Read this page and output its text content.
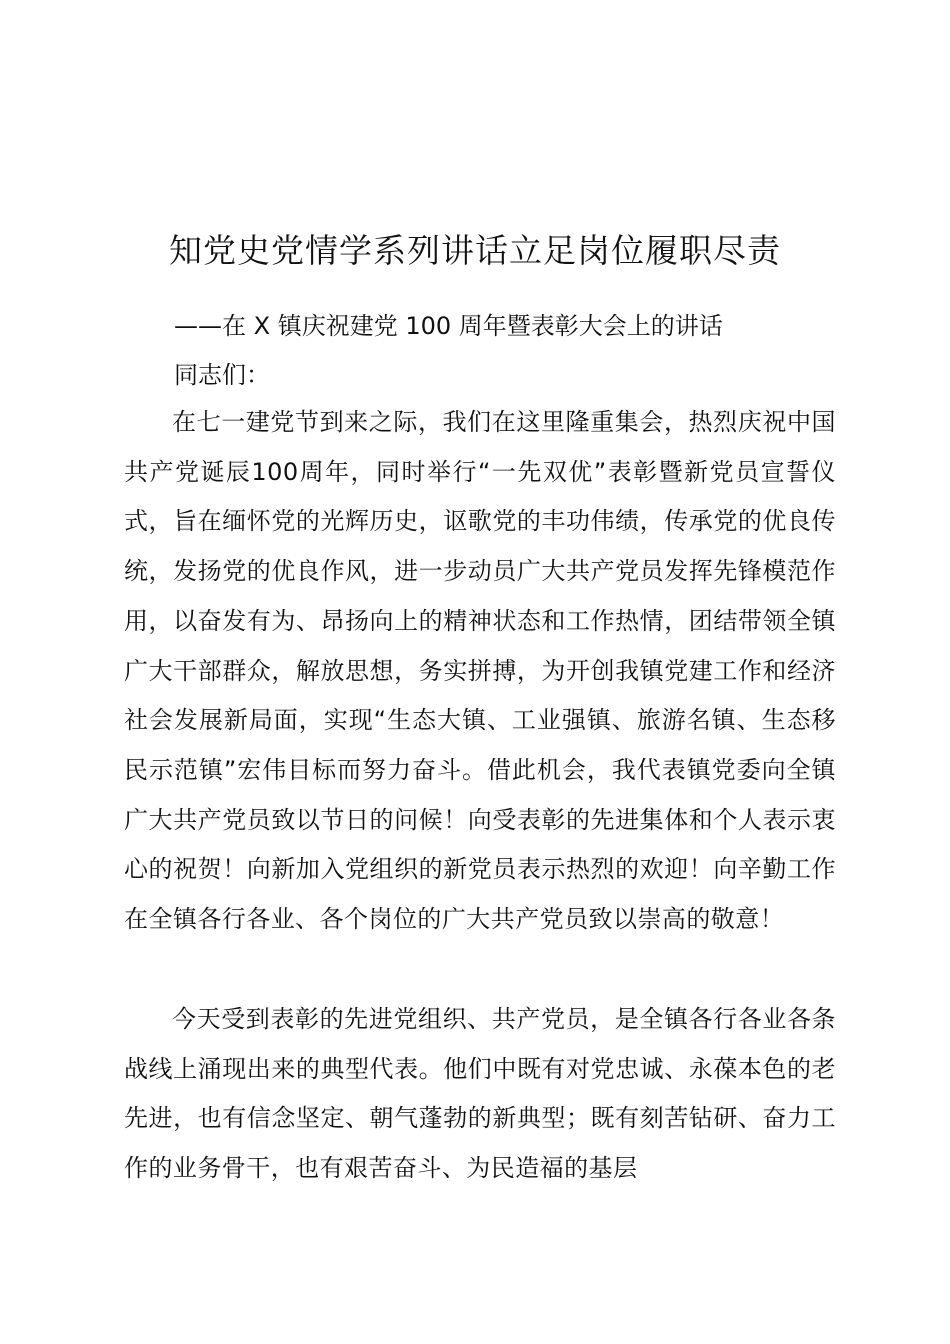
知党史党情学系列讲话立足岗位履职尽责
——在 X 镇庆祝建党 100 周年暨表彰大会上的讲话
同志们：

在七一建党节到来之际，我们在这里隆重集会，热烈庆祝中国共产党诞辰100周年，同时举行“一先双优”表彰暨新党员宣誓仪式，旨在缅怀党的光辉历史，讴歌党的丰功伟绩，传承党的优良传统，发扬党的优良作风，进一步动员广大共产党员发挥先锋模范作用，以奋发有为、昂扬向上的精神状态和工作热情，团结带领全镇广大干部群众，解放思想，务实拼搏，为开创我镇党建工作和经济社会发展新局面，实现“生态大镇、工业强镇、旅游名镇、生态移民示范镇”宏伟目标而努力奋斗。借此机会，我代表镇党委向全镇广大共产党员致以节日的问候！向受表彰的先进集体和个人表示衷心的祝贺！向新加入党组织的新党员表示热烈的欢迎！向辛勤工作在全镇各行各业、各个岗位的广大共产党员致以崇高的敬意！

今天受到表彰的先进党组织、共产党员，是全镇各行各业各条战线上涌现出来的典型代表。他们中既有对党忠诚、永葆本色的老先进，也有信念坚定、朝气蓬勃的新典型；既有刻苦钻研、奋力工作的业务骨干，也有艰苦奋斗、为民造福的基层
